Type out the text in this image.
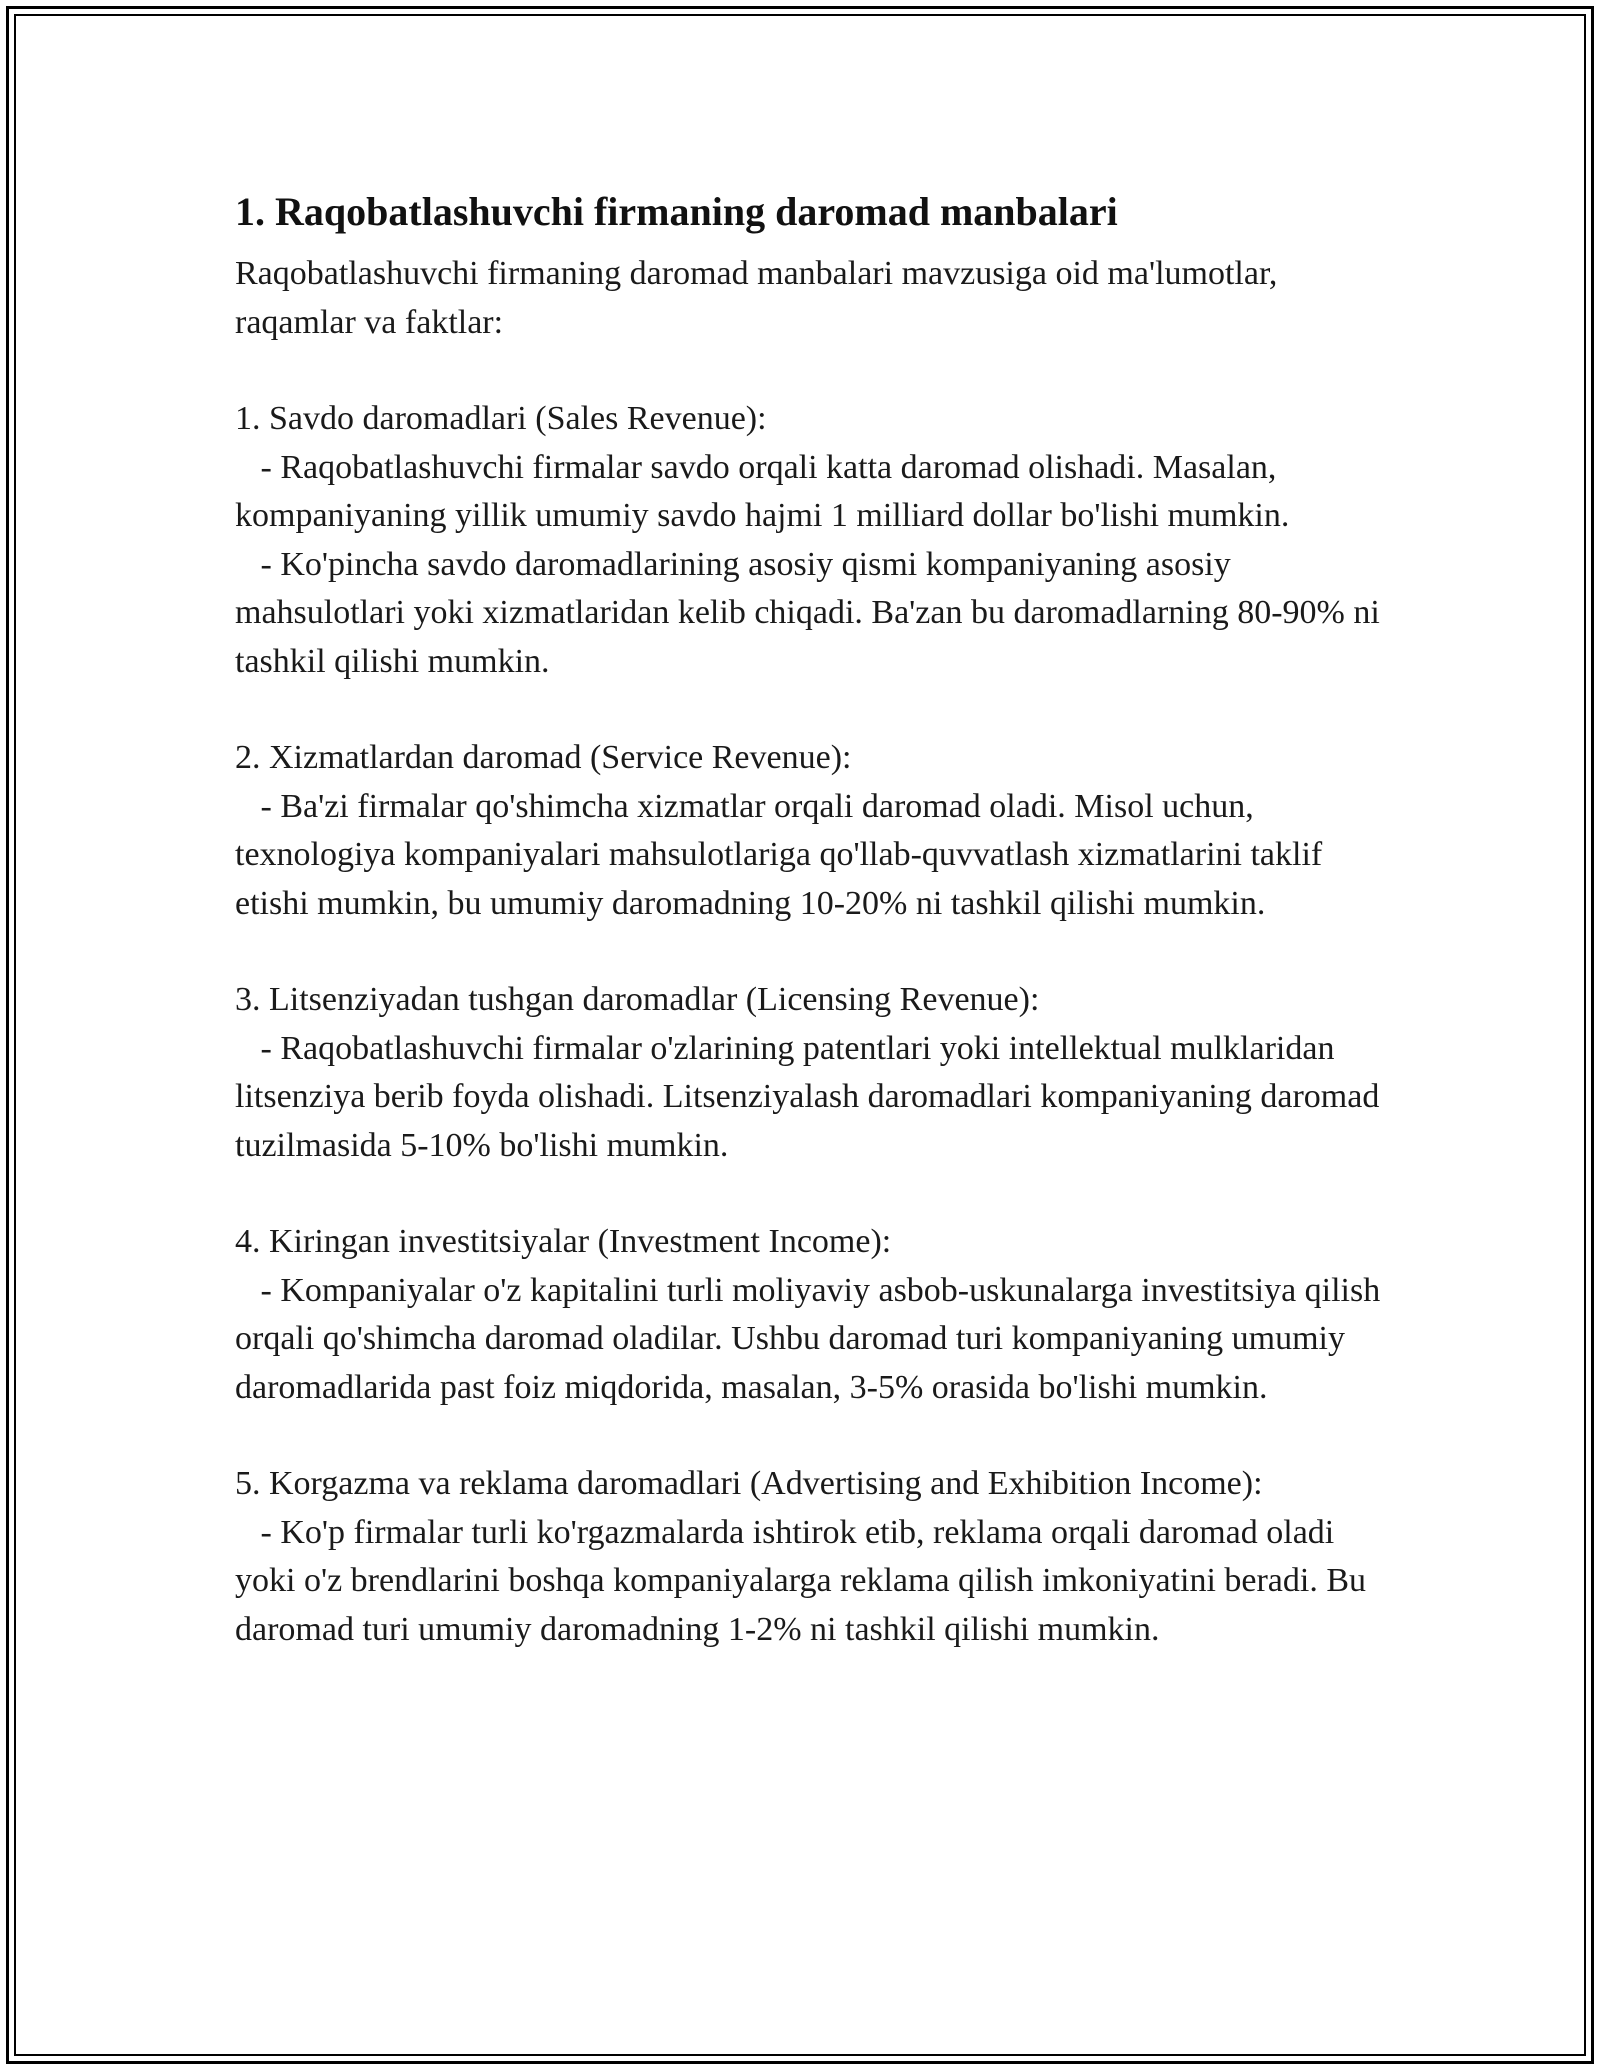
1. Raqobatlashuvchi firmaning daromad manbalari

Raqobatlashuvchi firmaning daromad manbalari mavzusiga oid ma'lumotlar, raqamlar va faktlar:

1. Savdo daromadlari (Sales Revenue):

- Raqobatlashuvchi firmalar savdo orqali katta daromad olishadi. Masalan, kompaniyaning yillik umumiy savdo hajmi 1 milliard dollar bo'lishi mumkin.

- Ko'pincha savdo daromadlarining asosiy qismi kompaniyaning asosiy mahsulotlari yoki xizmatlaridan kelib chiqadi. Ba'zan bu daromadlarning 80-90% ni tashkil qilishi mumkin.

2. Xizmatlardan daromad (Service Revenue):

- Ba'zi firmalar qo'shimcha xizmatlar orqali daromad oladi. Misol uchun, texnologiya kompaniyalari mahsulotlariga qo'llab-quvvatlash xizmatlarini taklif etishi mumkin, bu umumiy daromadning 10-20% ni tashkil qilishi mumkin.

3. Litsenziyadan tushgan daromadlar (Licensing Revenue):

- Raqobatlashuvchi firmalar o'zlarining patentlari yoki intellektual mulklaridan litsenziya berib foyda olishadi. Litsenziyalash daromadlari kompaniyaning daromad tuzilmasida 5-10% bo'lishi mumkin.

4. Kiringan investitsiyalar (Investment Income):

- Kompaniyalar o'z kapitalini turli moliyaviy asbob-uskunalarga investitsiya qilish orqali qo'shimcha daromad oladilar. Ushbu daromad turi kompaniyaning umumiy daromadlarida past foiz miqdorida, masalan, 3-5% orasida bo'lishi mumkin.

5. Korgazma va reklama daromadlari (Advertising and Exhibition Income):

- Ko'p firmalar turli ko'rgazmalarda ishtirok etib, reklama orqali daromad oladi yoki o'z brendlarini boshqa kompaniyalarga reklama qilish imkoniyatini beradi. Bu daromad turi umumiy daromadning 1-2% ni tashkil qilishi mumkin.
